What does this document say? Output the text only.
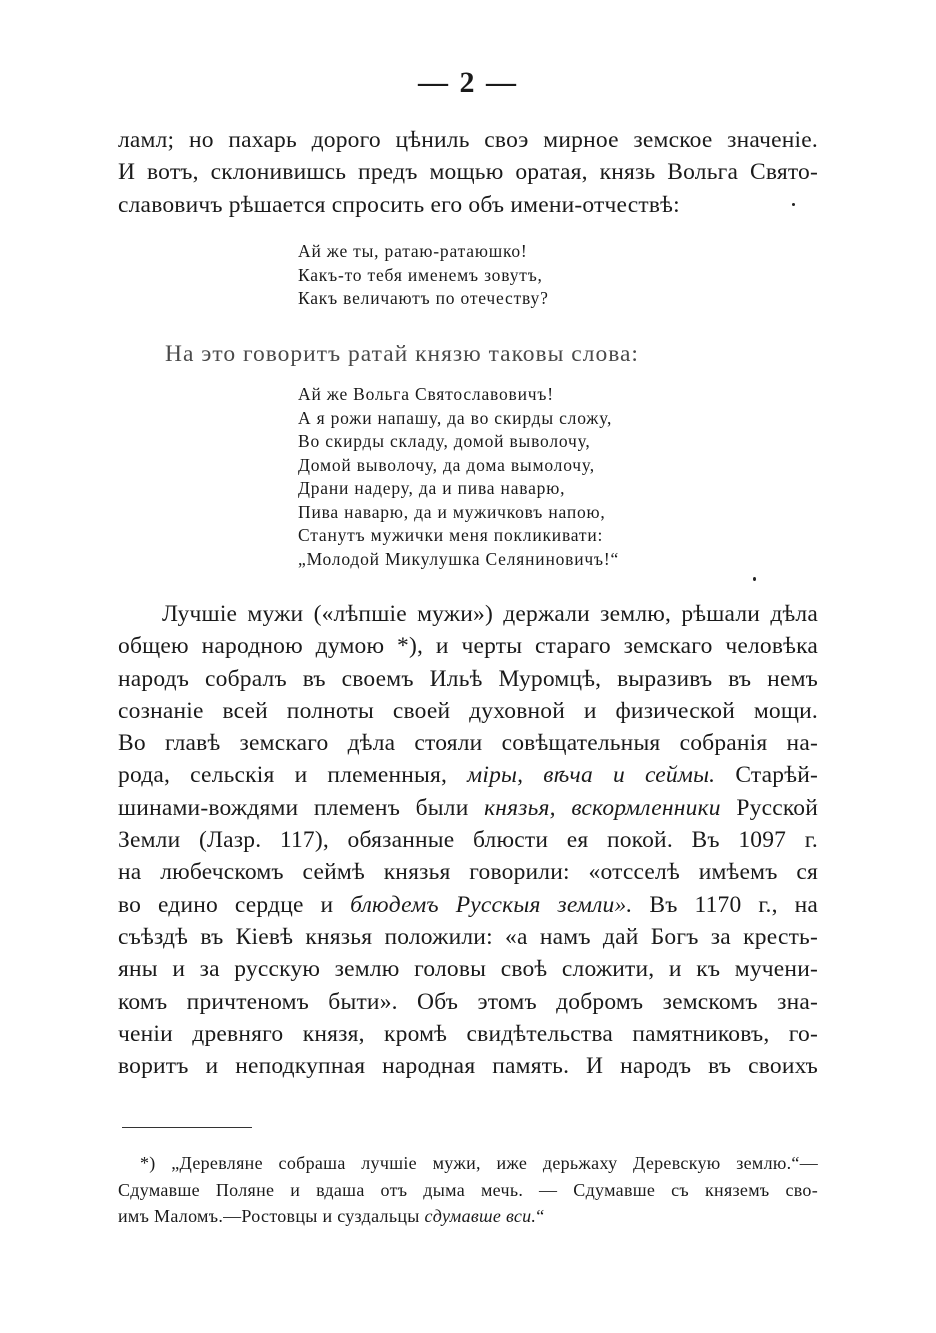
— 2 —

ламл; но пахарь дорого цѣниль своэ мирное земское значеніе.
И вотъ, склонивишсь предъ мощью оратая, князь Вольга Свято-
славовичъ рѣшается спросить его объ имени-отчествѣ:

Ай же ты, ратаю-ратаюшко!
Какъ-то тебя именемъ зовутъ,
Какъ величаютъ по отечеству?
На это говоритъ ратай князю таковы слова:
Ай же Вольга Святославовичъ!
А я рожи напашу, да во скирды сложу,
Во скирды складу, домой выволочу,
Домой выволочу, да дома вымолочу,
Драни надеру, да и пива наварю,
Пива наварю, да и мужичковъ напою,
Станутъ мужички меня покликивати:
„Молодой Микулушка Селяниновичъ!“

Лучшіе мужи («лѣпшіе мужи») держали землю, рѣшали дѣла
общею народною думою *), и черты стараго земскаго человѣка
народъ собралъ въ своемъ Ильѣ Муромцѣ, выразивъ въ немъ
сознаніе всей полноты своей духовной и физической мощи.
Во главѣ земскаго дѣла стояли совѣщательныя собранія на-
рода, сельскія и племенныя, міры, вѣча и сеймы. Старѣй-
шинами-вождями племенъ были князья, вскормленники Русской
Земли (Лазр. 117), обязанные блюсти ея покой. Въ 1097 г.
на любечскомъ сеймѣ князья говорили: «отсселѣ имѣемъ ся
во едино сердце и блюдемъ Русскыя земли». Въ 1170 г., на
съѣздѣ въ Кіевѣ князья положили: «а намъ дай Богъ за кресть-
яны и за русскую землю головы своѣ сложити, и къ мучени-
комъ причтеномъ быти». Объ этомъ добромъ земскомъ зна-
ченіи древняго князя, кромѣ свидѣтельства памятниковъ, го-
воритъ и неподкупная народная память. И народъ въ своихъ

*) „Деревляне собраша лучшіе мужи, иже дерьжаху Деревскую землю.“—
Сдумавше Поляне и вдаша отъ дыма мечь. — Сдумавше съ княземъ сво-
имъ Маломъ.—Ростовцы и суздальцы сдумавше вси.“
